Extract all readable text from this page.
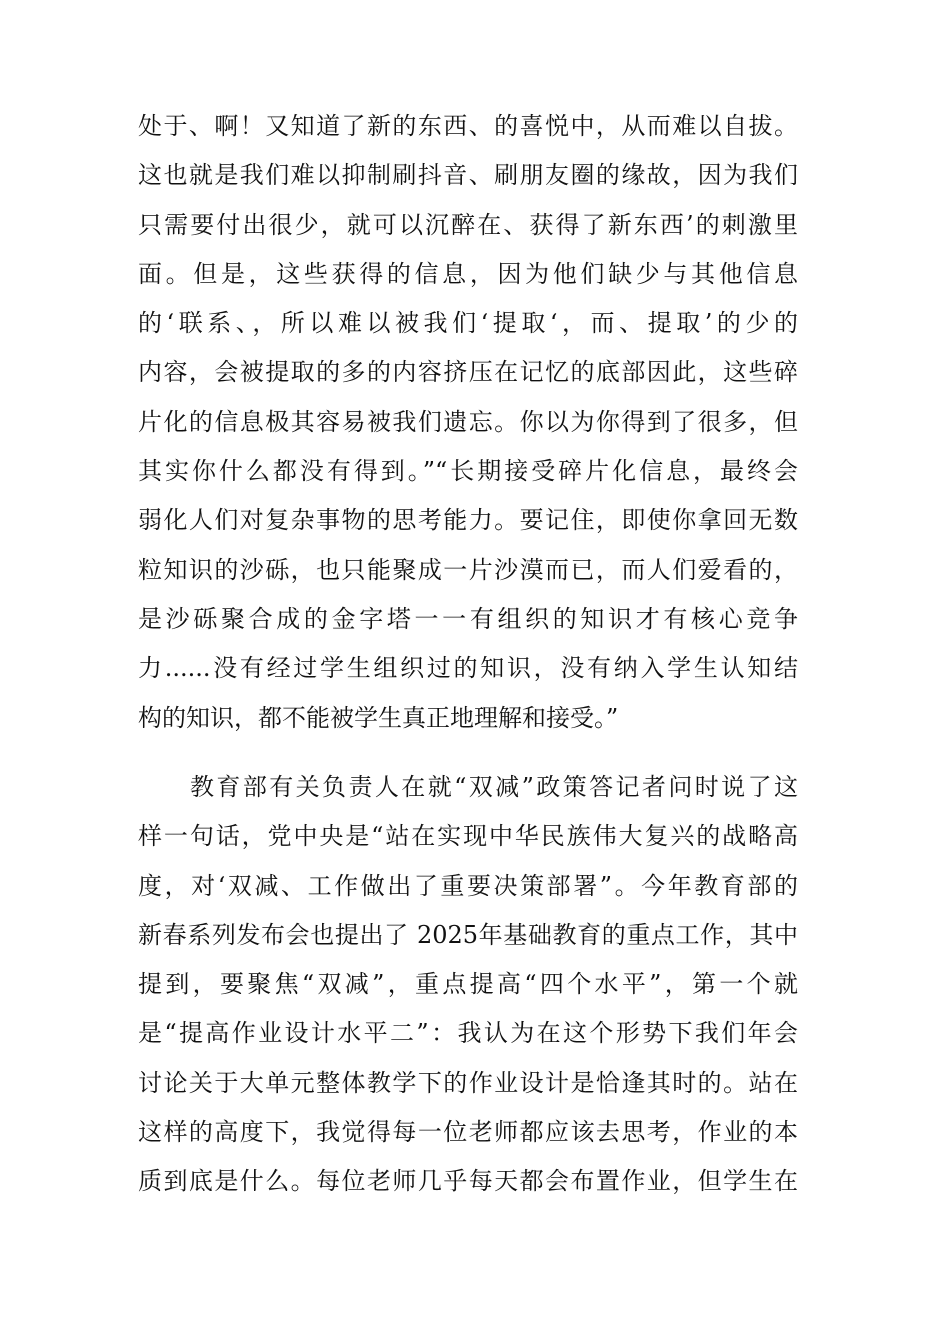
处于、啊！又知道了新的东西、的喜悦中，从而难以自拔。
这也就是我们难以抑制刷抖音、刷朋友圈的缘故，因为我们
只需要付出很少，就可以沉醉在、获得了新东西’的刺激里
面。但是，这些获得的信息，因为他们缺少与其他信息
的‘联系、，所以难以被我们‘提取‘，而、提取’的少的
内容，会被提取的多的内容挤压在记忆的底部因此，这些碎
片化的信息极其容易被我们遗忘。你以为你得到了很多，但
其实你什么都没有得到。”“长期接受碎片化信息，最终会
弱化人们对复杂事物的思考能力。要记住，即使你拿回无数
粒知识的沙砾，也只能聚成一片沙漠而已，而人们爱看的，
是沙砾聚合成的金字塔一一有组织的知识才有核心竞争
力......没有经过学生组织过的知识，没有纳入学生认知结
构的知识，都不能被学生真正地理解和接受。”
教育部有关负责人在就“双减”政策答记者问时说了这
样一句话，党中央是“站在实现中华民族伟大复兴的战略高
度，对‘双减、工作做出了重要决策部署”。今年教育部的
新春系列发布会也提出了 2025年基础教育的重点工作，其中
提到，要聚焦“双减”，重点提高“四个水平”，第一个就
是“提高作业设计水平二”：我认为在这个形势下我们年会
讨论关于大单元整体教学下的作业设计是恰逢其时的。站在
这样的高度下，我觉得每一位老师都应该去思考，作业的本
质到底是什么。每位老师几乎每天都会布置作业，但学生在
